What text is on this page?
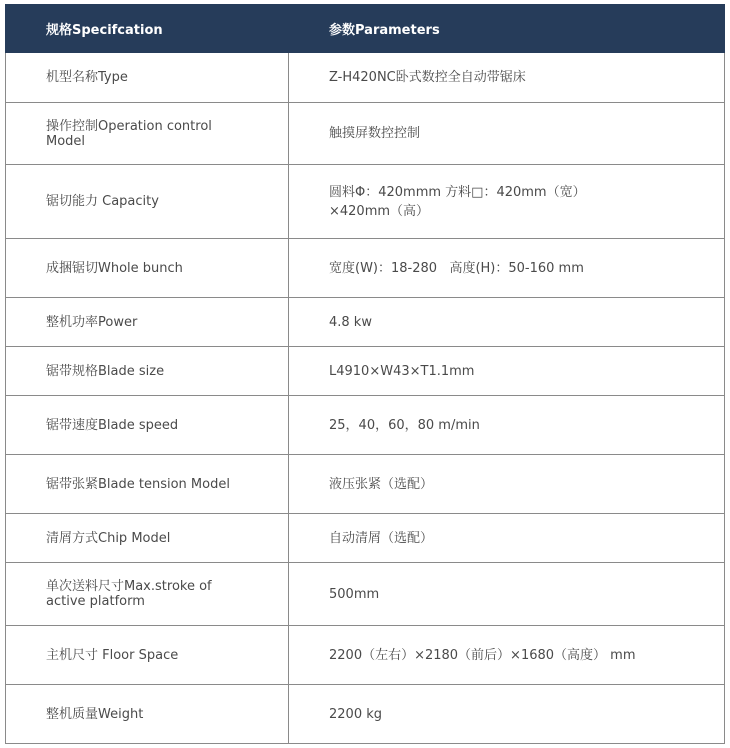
规格Specifcation	参数Parameters
机型名称Type	Z-H420NC卧式数控全自动带锯床
操作控制Operation control Model	触摸屏数控控制
锯切能力 Capacity	圆料Φ：420mmm 方料□：420mm（宽）×420mm（高）
成捆锯切Whole bunch	宽度(W)：18-280   高度(H)：50-160 mm
整机功率Power	4.8 kw
锯带规格Blade size	L4910×W43×T1.1mm
锯带速度Blade speed	25，40，60，80 m/min
锯带张紧Blade tension Model	液压张紧（选配）
清屑方式Chip Model	自动清屑（选配）
单次送料尺寸Max.stroke of active platform	500mm
主机尺寸 Floor Space	2200（左右）×2180（前后）×1680（高度） mm
整机质量Weight	2200 kg
